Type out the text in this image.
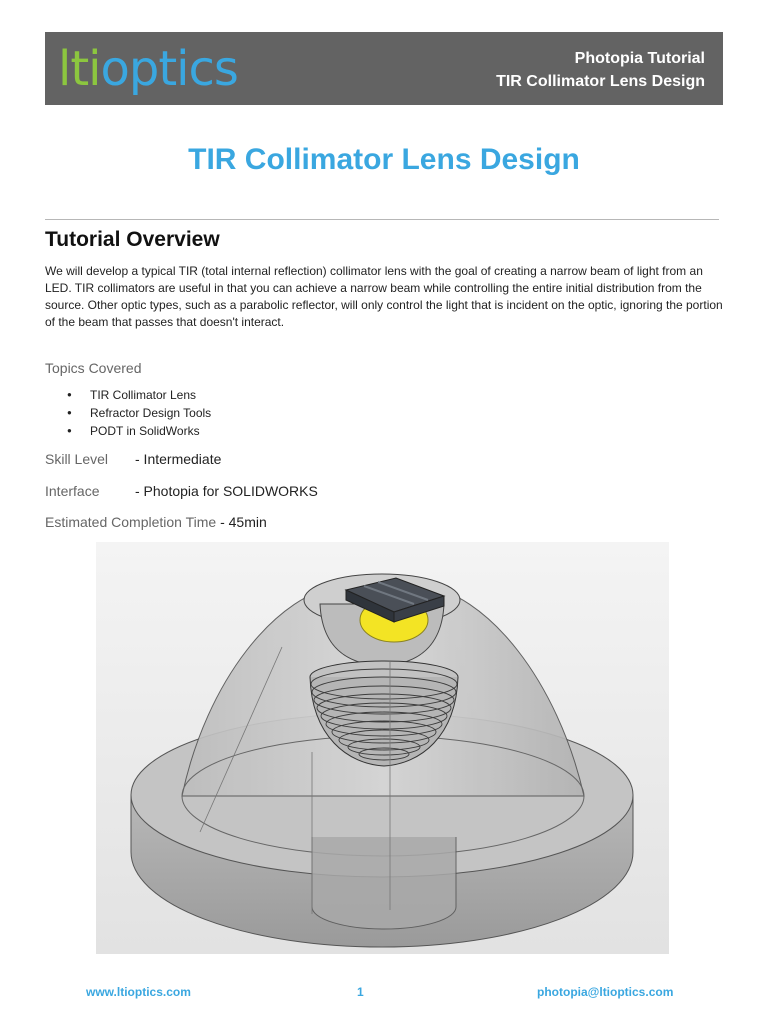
ltioptics	Photopia Tutorial
TIR Collimator Lens Design
TIR Collimator Lens Design
Tutorial Overview

We will develop a typical TIR (total internal reflection) collimator lens with the goal of creating a narrow beam of light from an LED. TIR collimators are useful in that you can achieve a narrow beam while controlling the entire initial distribution from the source. Other optic types, such as a parabolic reflector, will only control the light that is incident on the optic, ignoring the portion of the beam that passes that doesn't interact.

Topics Covered
● TIR Collimator Lens
● Refractor Design Tools
● PODT in SolidWorks
Skill Level - Intermediate
Interface	- Photopia for SOLIDWORKS
Estimated Completion Time - 45min
www.ltioptics.com	1	photopia@ltioptics.com
